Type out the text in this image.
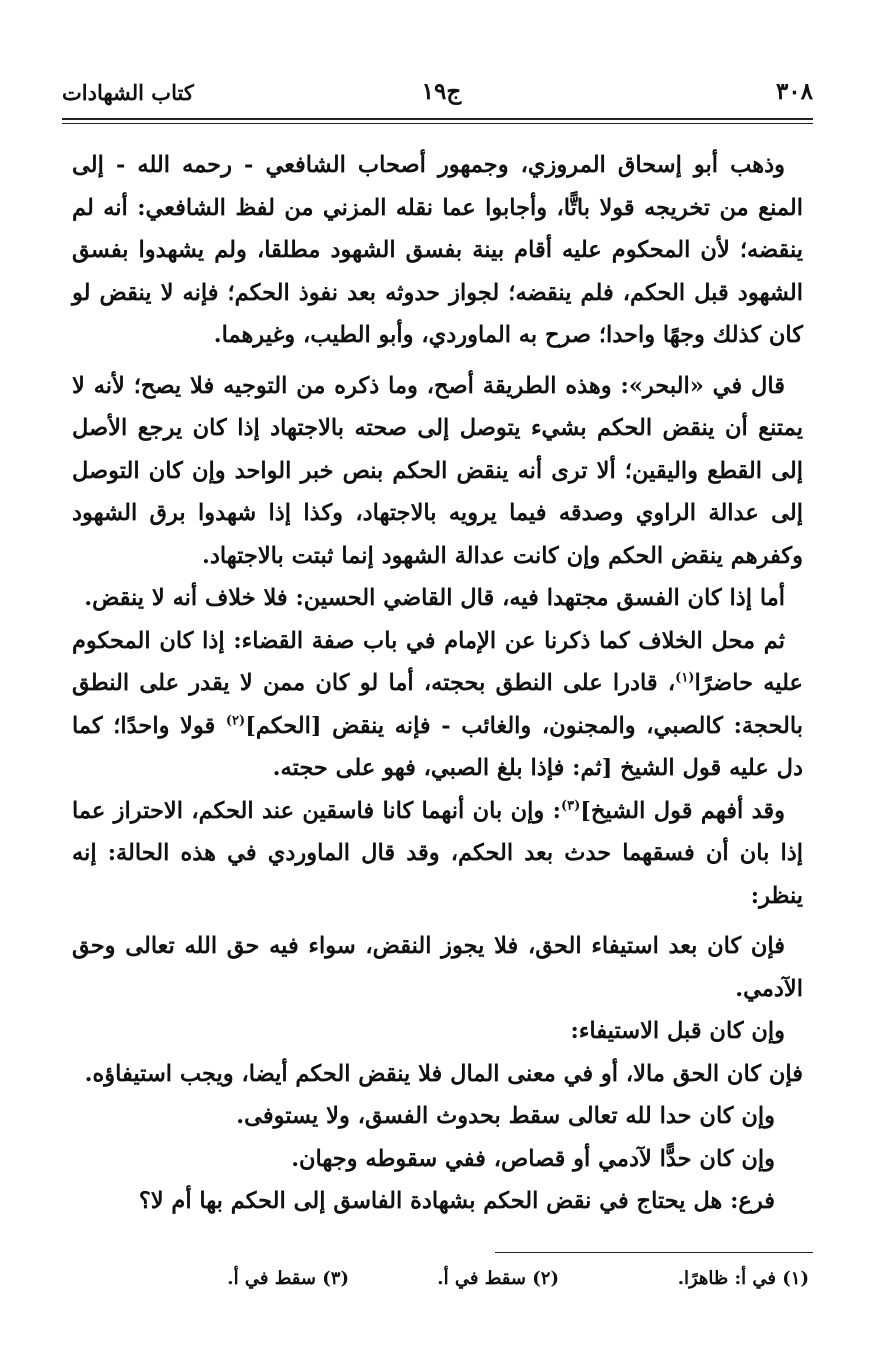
٣٠٨
ج١٩
كتاب الشهادات

وذهب أبو إسحاق المروزي، وجمهور أصحاب الشافعي - رحمه الله - إلى المنع من تخريجه قولا باتًّا، وأجابوا عما نقله المزني من لفظ الشافعي: أنه لم ينقضه؛ لأن المحكوم عليه أقام بينة بفسق الشهود مطلقا، ولم يشهدوا بفسق الشهود قبل الحكم، فلم ينقضه؛ لجواز حدوثه بعد نفوذ الحكم؛ فإنه لا ينقض لو كان كذلك وجهًا واحدا؛ صرح به الماوردي، وأبو الطيب، وغيرهما.

قال في «البحر»: وهذه الطريقة أصح، وما ذكره من التوجيه فلا يصح؛ لأنه لا يمتنع أن ينقض الحكم بشيء يتوصل إلى صحته بالاجتهاد إذا كان يرجع الأصل إلى القطع واليقين؛ ألا ترى أنه ينقض الحكم بنص خبر الواحد وإن كان التوصل إلى عدالة الراوي وصدقه فيما يرويه بالاجتهاد، وكذا إذا شهدوا برق الشهود وكفرهم ينقض الحكم وإن كانت عدالة الشهود إنما ثبتت بالاجتهاد.

أما إذا كان الفسق مجتهدا فيه، قال القاضي الحسين: فلا خلاف أنه لا ينقض.

ثم محل الخلاف كما ذكرنا عن الإمام في باب صفة القضاء: إذا كان المحكوم عليه حاضرًا$^{(١)}$، قادرا على النطق بحجته، أما لو كان ممن لا يقدر على النطق بالحجة: كالصبي، والمجنون، والغائب - فإنه ينقض [الحكم]$^{(٢)}$ قولا واحدًا؛ كما دل عليه قول الشيخ [ثم: فإذا بلغ الصبي، فهو على حجته.

وقد أفهم قول الشيخ]$^{(٣)}$: وإن بان أنهما كانا فاسقين عند الحكم، الاحتراز عما إذا بان أن فسقهما حدث بعد الحكم، وقد قال الماوردي في هذه الحالة: إنه ينظر:

فإن كان بعد استيفاء الحق، فلا يجوز النقض، سواء فيه حق الله تعالى وحق الآدمي.

وإن كان قبل الاستيفاء:

فإن كان الحق مالا، أو في معنى المال فلا ينقض الحكم أيضا، ويجب استيفاؤه.

وإن كان حدا لله تعالى سقط بحدوث الفسق، ولا يستوفى.

وإن كان حدًّا لآدمي أو قصاص، ففي سقوطه وجهان.

فرع: هل يحتاج في نقض الحكم بشهادة الفاسق إلى الحكم بها أم لا؟

(١) في أ: ظاهرًا.
(٢) سقط في أ.
(٣) سقط في أ.
